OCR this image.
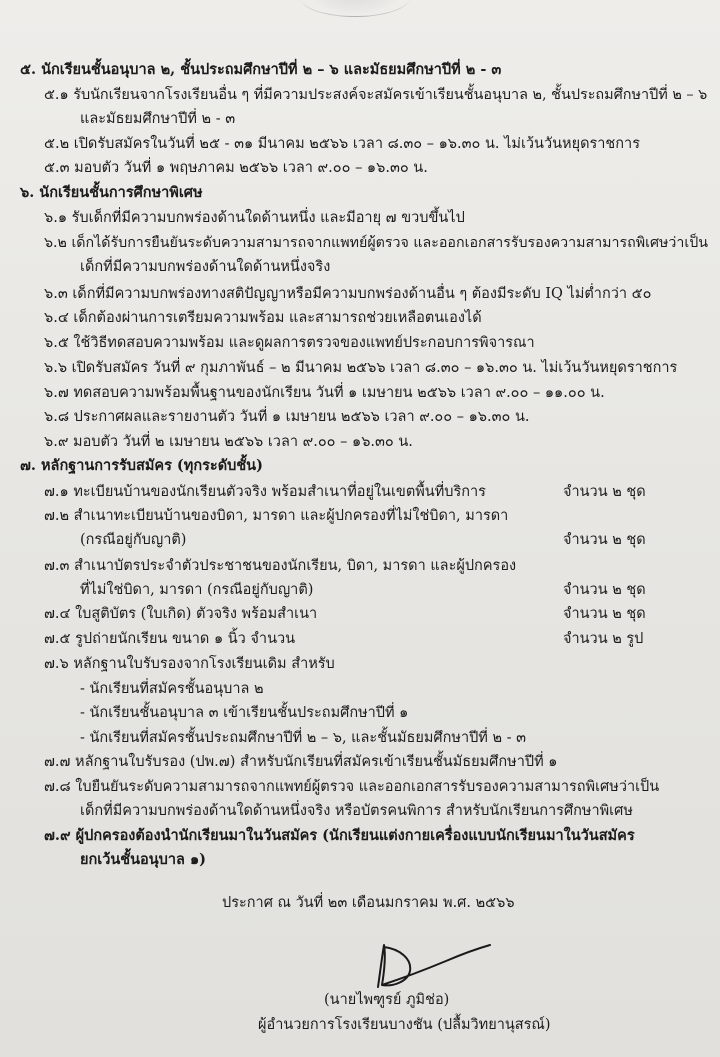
๕. นักเรียนชั้นอนุบาล ๒, ชั้นประถมศึกษาปีที่ ๒ – ๖ และมัธยมศึกษาปีที่ ๒ - ๓
๕.๑ รับนักเรียนจากโรงเรียนอื่น ๆ ที่มีความประสงค์จะสมัครเข้าเรียนชั้นอนุบาล ๒, ชั้นประถมศึกษาปีที่ ๒ – ๖
และมัธยมศึกษาปีที่ ๒ - ๓
๕.๒ เปิดรับสมัครในวันที่ ๒๕ - ๓๑ มีนาคม ๒๕๖๖ เวลา ๘.๓๐ – ๑๖.๓๐ น. ไม่เว้นวันหยุดราชการ
๕.๓ มอบตัว วันที่ ๑ พฤษภาคม ๒๕๖๖ เวลา ๙.๐๐ – ๑๖.๓๐ น.
๖. นักเรียนชั้นการศึกษาพิเศษ
๖.๑ รับเด็กที่มีความบกพร่องด้านใดด้านหนึ่ง และมีอายุ ๗ ขวบขึ้นไป
๖.๒ เด็กได้รับการยืนยันระดับความสามารถจากแพทย์ผู้ตรวจ และออกเอกสารรับรองความสามารถพิเศษว่าเป็น
เด็กที่มีความบกพร่องด้านใดด้านหนึ่งจริง
๖.๓ เด็กที่มีความบกพร่องทางสติปัญญาหรือมีความบกพร่องด้านอื่น ๆ ต้องมีระดับ IQ ไม่ต่ำกว่า ๕๐
๖.๔ เด็กต้องผ่านการเตรียมความพร้อม และสามารถช่วยเหลือตนเองได้
๖.๕ ใช้วิธีทดสอบความพร้อม และดูผลการตรวจของแพทย์ประกอบการพิจารณา
๖.๖ เปิดรับสมัคร วันที่ ๙ กุมภาพันธ์ – ๒ มีนาคม ๒๕๖๖ เวลา ๘.๓๐ – ๑๖.๓๐ น. ไม่เว้นวันหยุดราชการ
๖.๗ ทดสอบความพร้อมพื้นฐานของนักเรียน วันที่ ๑ เมษายน ๒๕๖๖ เวลา ๙.๐๐ – ๑๑.๐๐ น.
๖.๘ ประกาศผลและรายงานตัว วันที่ ๑ เมษายน ๒๕๖๖ เวลา ๙.๐๐ – ๑๖.๓๐ น.
๖.๙ มอบตัว วันที่ ๒ เมษายน ๒๕๖๖ เวลา ๙.๐๐ – ๑๖.๓๐ น.
๗. หลักฐานการรับสมัคร (ทุกระดับชั้น)
๗.๑ ทะเบียนบ้านของนักเรียนตัวจริง พร้อมสำเนาที่อยู่ในเขตพื้นที่บริการ	จำนวน ๒ ชุด
๗.๒ สำเนาทะเบียนบ้านของบิดา, มารดา และผู้ปกครองที่ไม่ใช่บิดา, มารดา
(กรณีอยู่กับญาติ)	จำนวน ๒ ชุด
๗.๓ สำเนาบัตรประจำตัวประชาชนของนักเรียน, บิดา, มารดา และผู้ปกครอง
ที่ไม่ใช่บิดา, มารดา (กรณีอยู่กับญาติ)	จำนวน ๒ ชุด
๗.๔ ใบสูติบัตร (ใบเกิด) ตัวจริง พร้อมสำเนา	จำนวน ๒ ชุด
๗.๕ รูปถ่ายนักเรียน ขนาด ๑ นิ้ว จำนวน	จำนวน ๒ รูป
๗.๖ หลักฐานใบรับรองจากโรงเรียนเดิม สำหรับ
- นักเรียนที่สมัครชั้นอนุบาล ๒
- นักเรียนชั้นอนุบาล ๓ เข้าเรียนชั้นประถมศึกษาปีที่ ๑
- นักเรียนที่สมัครชั้นประถมศึกษาปีที่ ๒ – ๖, และชั้นมัธยมศึกษาปีที่ ๒ - ๓
๗.๗ หลักฐานใบรับรอง (ปพ.๗) สำหรับนักเรียนที่สมัครเข้าเรียนชั้นมัธยมศึกษาปีที่ ๑
๗.๘ ใบยืนยันระดับความสามารถจากแพทย์ผู้ตรวจ และออกเอกสารรับรองความสามารถพิเศษว่าเป็น
เด็กที่มีความบกพร่องด้านใดด้านหนึ่งจริง หรือบัตรคนพิการ สำหรับนักเรียนการศึกษาพิเศษ
๗.๙ ผู้ปกครองต้องนำนักเรียนมาในวันสมัคร (นักเรียนแต่งกายเครื่องแบบนักเรียนมาในวันสมัคร
ยกเว้นชั้นอนุบาล ๑)
ประกาศ ณ วันที่ ๒๓ เดือนมกราคม พ.ศ. ๒๕๖๖
(นายไพฑูรย์ ภูมิช่อ)
ผู้อำนวยการโรงเรียนบางชัน (ปลื้มวิทยานุสรณ์)
